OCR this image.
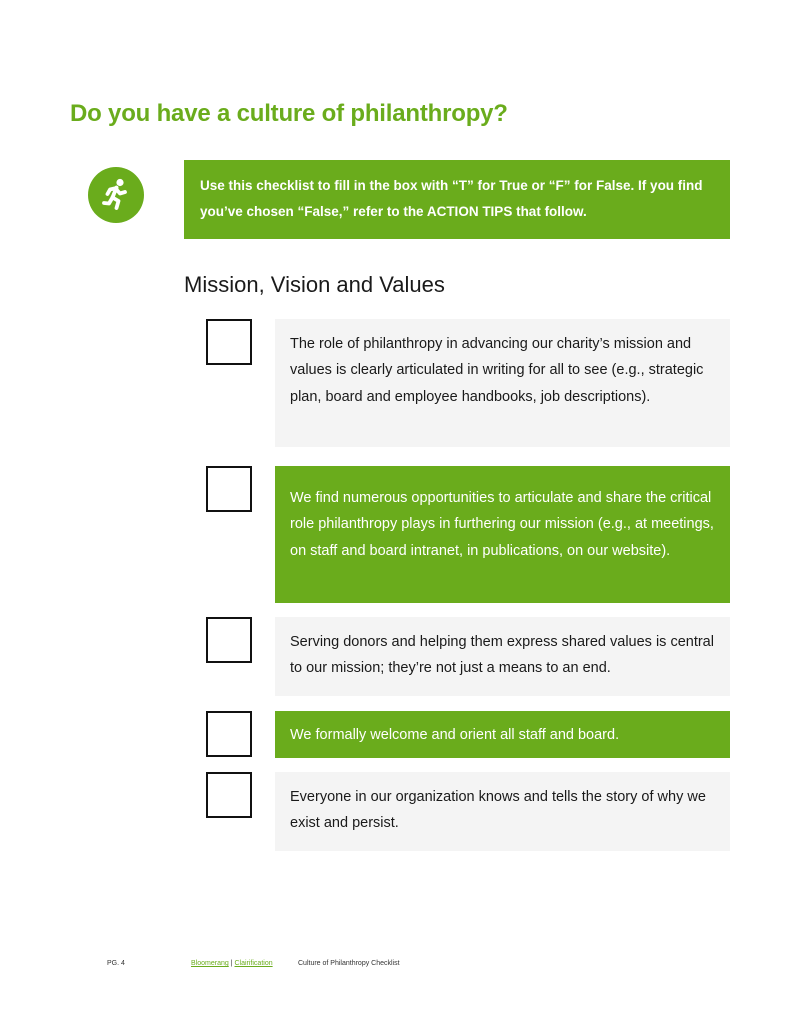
Do you have a culture of philanthropy?
Use this checklist to fill in the box with “T” for True or “F” for False. If you find you’ve chosen “False,” refer to the ACTION TIPS that follow.
Mission, Vision and Values
The role of philanthropy in advancing our charity’s mission and values is clearly articulated in writing for all to see (e.g., strategic plan, board and employee handbooks, job descriptions).
We find numerous opportunities to articulate and share the critical role philanthropy plays in furthering our mission (e.g., at meetings, on staff and board intranet, in publications, on our website).
Serving donors and helping them express shared values is central to our mission; they’re not just a means to an end.
We formally welcome and orient all staff and board.
Everyone in our organization knows and tells the story of why we exist and persist.
PG. 4	Bloomerang | Clairification	Culture of Philanthropy Checklist
